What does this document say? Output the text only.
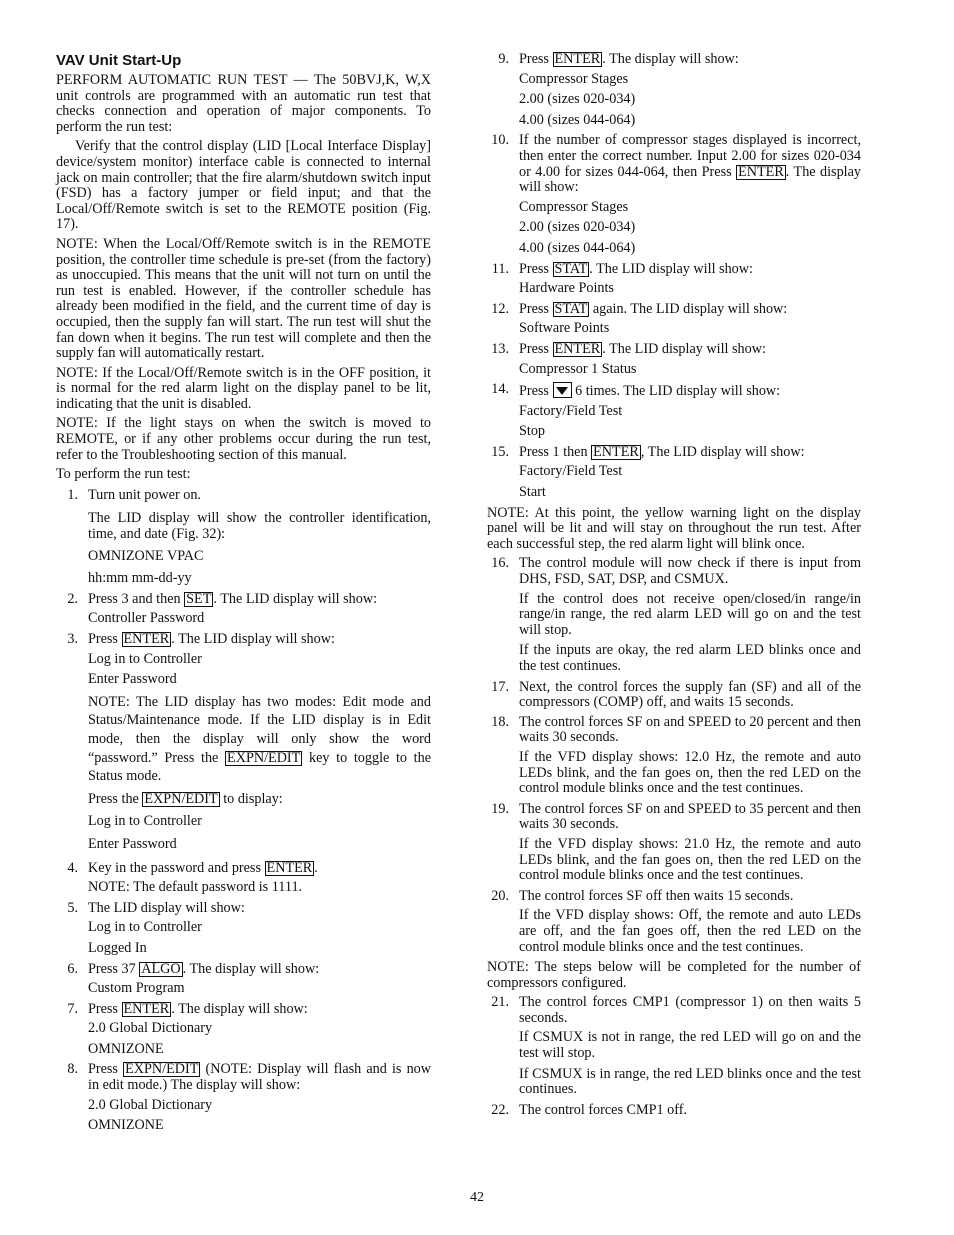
VAV Unit Start-Up

PERFORM AUTOMATIC RUN TEST — The 50BVJ,K, W,X unit controls are programmed with an automatic run test that checks connection and operation of major components. To perform the run test:

Verify that the control display (LID [Local Interface Display] device/system monitor) interface cable is connected to internal jack on main controller; that the fire alarm/shutdown switch input (FSD) has a factory jumper or field input; and that the Local/Off/Remote switch is set to the REMOTE position (Fig. 17).

NOTE: When the Local/Off/Remote switch is in the REMOTE position, the controller time schedule is pre-set (from the factory) as unoccupied. This means that the unit will not turn on until the run test is enabled. However, if the controller schedule has already been modified in the field, and the current time of day is occupied, then the supply fan will start. The run test will shut the fan down when it begins. The run test will complete and then the supply fan will automatically restart.

NOTE: If the Local/Off/Remote switch is in the OFF position, it is normal for the red alarm light on the display panel to be lit, indicating that the unit is disabled.

NOTE: If the light stays on when the switch is moved to REMOTE, or if any other problems occur during the run test, refer to the Troubleshooting section of this manual.

To perform the run test:

1. Turn unit power on.
The LID display will show the controller identification, time, and date (Fig. 32):
OMNIZONE VPAC
hh:mm mm-dd-yy
2. Press 3 and then SET . The LID display will show:
Controller Password
3. Press ENTER . The LID display will show:
Log in to Controller
Enter Password
NOTE: The LID display has two modes: Edit mode and Status/Maintenance mode. If the LID display is in Edit mode, then the display will only show the word “password.” Press the EXPN/EDIT key to toggle to the Status mode.
Press the EXPN/EDIT to display:
Log in to Controller
Enter Password
4. Key in the password and press ENTER .
NOTE: The default password is 1111.
5. The LID display will show:
Log in to Controller
Logged In
6. Press 37 ALGO . The display will show:
Custom Program
7. Press ENTER . The display will show:
2.0 Global Dictionary
OMNIZONE
8. Press EXPN/EDIT (NOTE: Display will flash and is now in edit mode.) The display will show:
2.0 Global Dictionary
OMNIZONE
9. Press ENTER . The display will show:
Compressor Stages
2.00 (sizes 020-034)
4.00 (sizes 044-064)
10. If the number of compressor stages displayed is incorrect, then enter the correct number. Input 2.00 for sizes 020-034 or 4.00 for sizes 044-064, then Press ENTER . The display will show:
Compressor Stages
2.00 (sizes 020-034)
4.00 (sizes 044-064)
11. Press STAT . The LID display will show:
Hardware Points
12. Press STAT again. The LID display will show:
Software Points
13. Press ENTER . The LID display will show:
Compressor 1 Status
14. Press 6 times. The LID display will show:
Factory/Field Test
Stop
15. Press 1 then ENTER , The LID display will show:
Factory/Field Test
Start

NOTE: At this point, the yellow warning light on the display panel will be lit and will stay on throughout the run test. After each successful step, the red alarm light will blink once.

16. The control module will now check if there is input from DHS, FSD, SAT, DSP, and CSMUX.
If the control does not receive open/closed/in range/in range/in range, the red alarm LED will go on and the test will stop.
If the inputs are okay, the red alarm LED blinks once and the test continues.
17. Next, the control forces the supply fan (SF) and all of the compressors (COMP) off, and waits 15 seconds.
18. The control forces SF on and SPEED to 20 percent and then waits 30 seconds.
If the VFD display shows: 12.0 Hz, the remote and auto LEDs blink, and the fan goes on, then the red LED on the control module blinks once and the test continues.
19. The control forces SF on and SPEED to 35 percent and then waits 30 seconds.
If the VFD display shows: 21.0 Hz, the remote and auto LEDs blink, and the fan goes on, then the red LED on the control module blinks once and the test continues.
20. The control forces SF off then waits 15 seconds.
If the VFD display shows: Off, the remote and auto LEDs are off, and the fan goes off, then the red LED on the control module blinks once and the test continues.

NOTE: The steps below will be completed for the number of compressors configured.

21. The control forces CMP1 (compressor 1) on then waits 5 seconds.
If CSMUX is not in range, the red LED will go on and the test will stop.
If CSMUX is in range, the red LED blinks once and the test continues.
22. The control forces CMP1 off.
42
